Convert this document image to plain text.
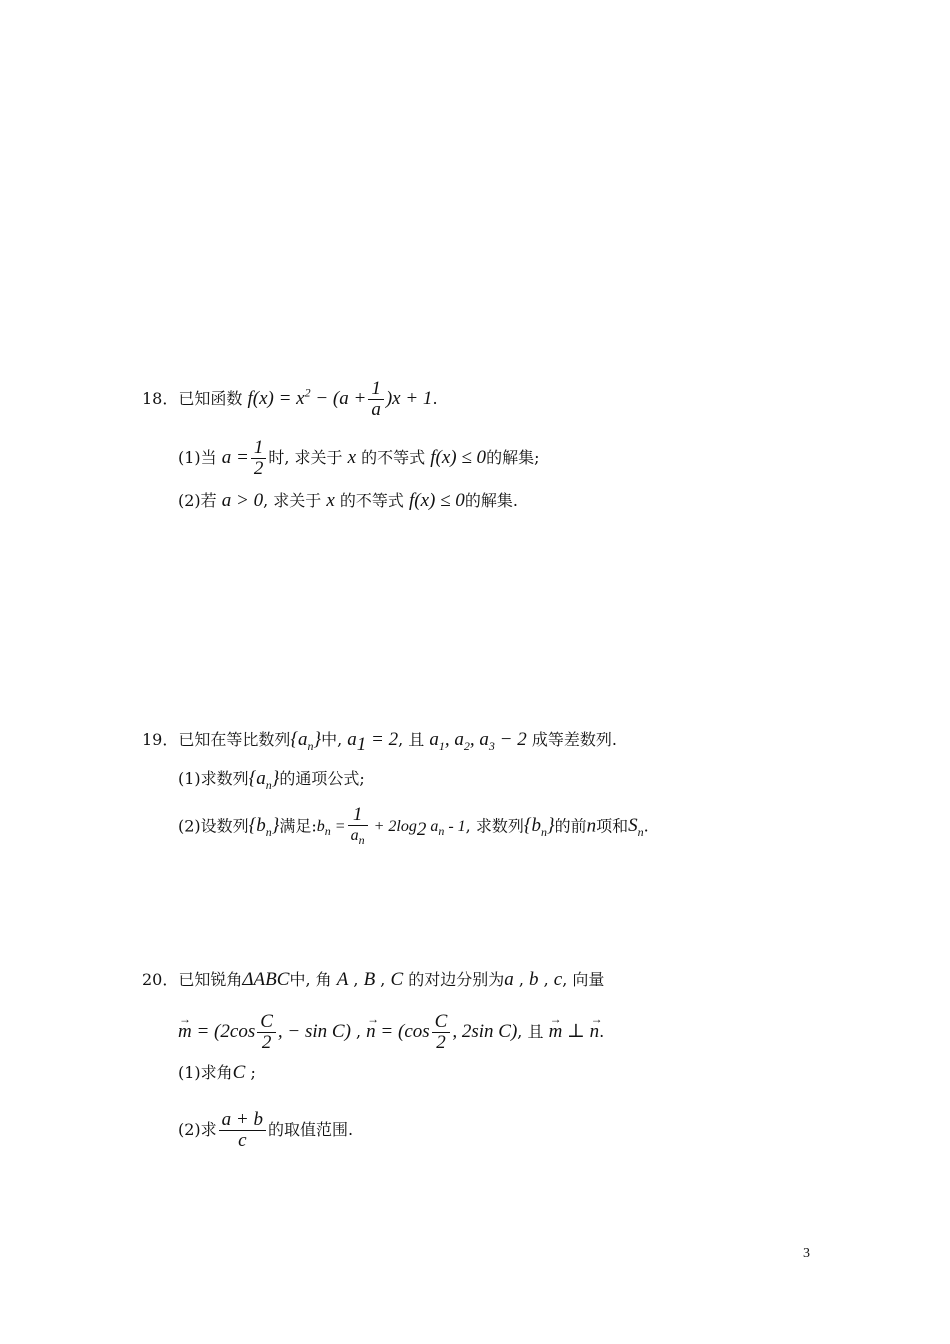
18．已知函数 $f(x) = x^2 - (a + \frac{1}{a} )x + 1$.
(1)当 $a = \frac{1}{2}$ 时, 求关于 x 的不等式 f(x) ≤ 0的解集;
(2)若 a > 0, 求关于 x 的不等式 f(x) ≤ 0的解集.
19．已知在等比数列$\{a_n\}$中, $a_1 = 2$, 且 $a_1$, $a_2$, $a_3 - 2$ 成等差数列.
(1)求数列$\{a_n\}$的通项公式;
(2)设数列$\{b_n\}$满足$:b_n = \frac{1}{a_n} + 2\log_2$ $a_n - 1$, 求数列$\{b_n\}$的前n项和$S_n$.
20．已知锐角ΔABC中, 角 A , B , C 的对边分别为a , b , c, 向量
→ $m = (2\cos \frac{C}{2}$ , − sin C) , → $n = (\cos \frac{C}{2}$ , 2sin C), 且 → m ⊥ → n.
(1)求角C ;
(2)求 $\frac{a + b}{c}$ 的取值范围.
3
